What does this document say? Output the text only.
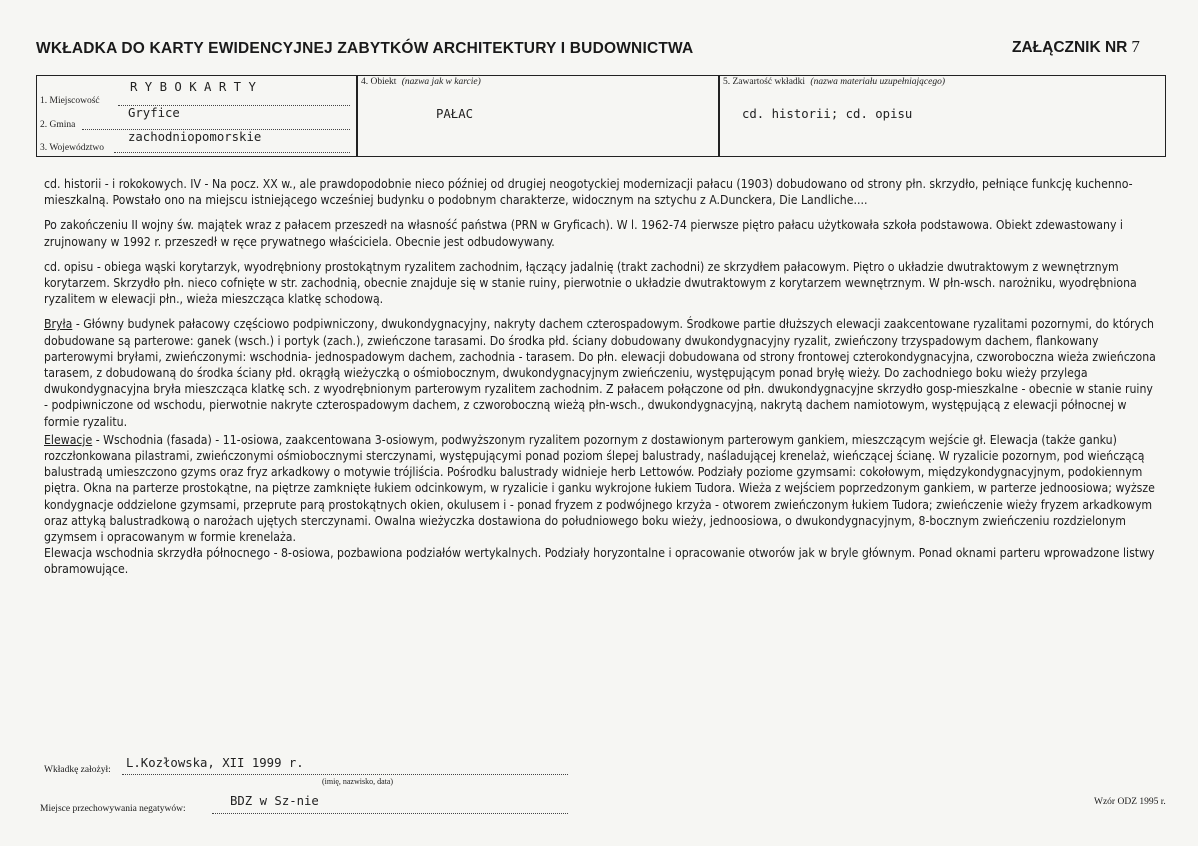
WKŁADKA DO KARTY EWIDENCYJNEJ ZABYTKÓW ARCHITEKTURY I BUDOWNICTWA	ZAŁĄCZNIK NR 7
R Y B O K A R T Y
1. Miejscowość
2. Gmina
Gryfice
zachodniopomorskie
3. Województwo
4. Obiekt (nazwa jak w karcie)
PAŁAC
5. Zawartość wkładki (nazwa materiału uzupełniającego)
cd. historii; cd. opisu

cd. historii - i rokokowych. IV - Na pocz. XX w., ale prawdopodobnie nieco później od drugiej neogotyckiej modernizacji pałacu (1903) dobudowano od strony płn. skrzydło, pełniące funkcję kuchenno-mieszkalną. Powstało ono na miejscu istniejącego wcześniej budynku o podobnym charakterze, widocznym na sztychu z A.Dunckera, Die Landliche....

Po zakończeniu II wojny św. majątek wraz z pałacem przeszedł na własność państwa (PRN w Gryficach). W l. 1962-74 pierwsze piętro pałacu użytkowała szkoła podstawowa. Obiekt zdewastowany i zrujnowany w 1992 r. przeszedł w ręce prywatnego właściciela. Obecnie jest odbudowywany.

cd. opisu - obiega wąski korytarzyk, wyodrębniony prostokątnym ryzalitem zachodnim, łączący jadalnię (trakt zachodni) ze skrzydłem pałacowym. Piętro o układzie dwutraktowym z wewnętrznym korytarzem. Skrzydło płn. nieco cofnięte w str. zachodnią, obecnie znajduje się w stanie ruiny, pierwotnie o układzie dwutraktowym z korytarzem wewnętrznym. W płn-wsch. narożniku, wyodrębniona ryzalitem w elewacji płn., wieża mieszcząca klatkę schodową.

Bryła - Główny budynek pałacowy częściowo podpiwniczony, dwukondygnacyjny, nakryty dachem czterospadowym. Środkowe partie dłuższych elewacji zaakcentowane ryzalitami pozornymi, do których dobudowane są parterowe: ganek (wsch.) i portyk (zach.), zwieńczone tarasami. Do środka płd. ściany dobudowany dwukondygnacyjny ryzalit, zwieńczony trzyspadowym dachem, flankowany parterowymi bryłami, zwieńczonymi: wschodnia- jednospadowym dachem, zachodnia - tarasem. Do płn. elewacji dobudowana od strony frontowej czterokondygnacyjna, czworoboczna wieża zwieńczona tarasem, z dobudowaną do środka ściany płd. okrągłą wieżyczką o ośmiobocznym, dwukondygnacyjnym zwieńczeniu, występującym ponad bryłę wieży. Do zachodniego boku wieży przylega dwukondygnacyjna bryła mieszcząca klatkę sch. z wyodrębnionym parterowym ryzalitem zachodnim. Z pałacem połączone od płn. dwukondygnacyjne skrzydło gosp-mieszkalne - obecnie w stanie ruiny - podpiwniczone od wschodu, pierwotnie nakryte czterospadowym dachem, z czworoboczną wieżą płn-wsch., dwukondygnacyjną, nakrytą dachem namiotowym, występującą z elewacji północnej w formie ryzalitu.

Elewacje - Wschodnia (fasada) - 11-osiowa, zaakcentowana 3-osiowym, podwyższonym ryzalitem pozornym z dostawionym parterowym gankiem, mieszczącym wejście gł. Elewacja (także ganku) rozczłonkowana pilastrami, zwieńczonymi ośmiobocznymi sterczynami, występującymi ponad poziom ślepej balustrady, naśladującej krenelaż, wieńczącej ścianę. W ryzalicie pozornym, pod wieńczącą balustradą umieszczono gzyms oraz fryz arkadkowy o motywie trójliścia. Pośrodku balustrady widnieje herb Lettowów. Podziały poziome gzymsami: cokołowym, międzykondygnacyjnym, podokiennym piętra. Okna na parterze prostokątne, na piętrze zamknięte łukiem odcinkowym, w ryzalicie i ganku wykrojone łukiem Tudora. Wieża z wejściem poprzedzonym gankiem, w parterze jednoosiowa; wyższe kondygnacje oddzielone gzymsami, przeprute parą prostokątnych okien, okulusem i - ponad fryzem z podwójnego krzyża - otworem zwieńczonym łukiem Tudora; zwieńczenie wieży fryzem arkadkowym oraz attyką balustradkową o narożach ujętych sterczynami. Owalna wieżyczka dostawiona do południowego boku wieży, jednoosiowa, o dwukondygnacyjnym, 8-bocznym zwieńczeniu rozdzielonym gzymsem i opracowanym w formie krenelaża.

Elewacja wschodnia skrzydła północnego - 8-osiowa, pozbawiona podziałów wertykalnych. Podziały horyzontalne i opracowanie otworów jak w bryle głównym. Ponad oknami parteru wprowadzone listwy obramowujące.

Wkładkę założył: L.Kozłowska, XII 1999 r.
(imię, nazwisko, data)
Miejsce przechowywania negatywów:
BDZ w Sz-nie	Wzór ODZ 1995 r.
